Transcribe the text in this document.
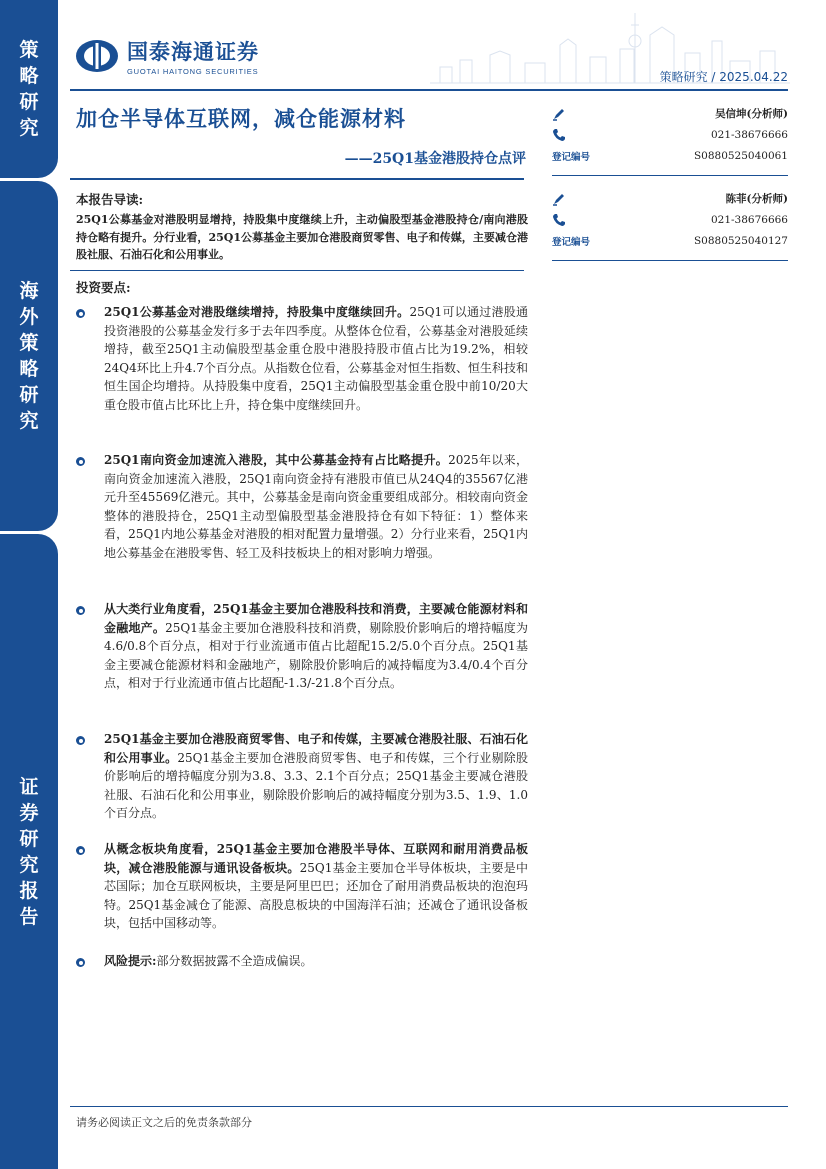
策
略
研
究
海
外
策
略
研
究
证
券
研
究
报
告
国泰海通证券
GUOTAI HAITONG SECURITIES	策略研究 / 2025.04.22
加仓半导体互联网，减仓能源材料
——25Q1基金港股持仓点评
吴信坤(分析师)
021-38676666
登记编号	S0880525040061
陈菲(分析师)
021-38676666
登记编号	S0880525040127
本报告导读:
25Q1公募基金对港股明显增持，持股集中度继续上升，主动偏股型基金港股持仓/南向港股持仓略有提升。分行业看，25Q1公募基金主要加仓港股商贸零售、电子和传媒，主要减仓港股社服、石油石化和公用事业。
投资要点:

25Q1公募基金对港股继续增持，持股集中度继续回升。25Q1可以通过港股通投资港股的公募基金发行多于去年四季度。从整体仓位看，公募基金对港股延续增持，截至25Q1主动偏股型基金重仓股中港股持股市值占比为19.2%，相较24Q4环比上升4.7个百分点。从指数仓位看，公募基金对恒生指数、恒生科技和恒生国企均增持。从持股集中度看，25Q1主动偏股型基金重仓股中前10/20大重仓股市值占比环比上升，持仓集中度继续回升。

25Q1南向资金加速流入港股，其中公募基金持有占比略提升。2025年以来，南向资金加速流入港股，25Q1南向资金持有港股市值已从24Q4的35567亿港元升至45569亿港元。其中，公募基金是南向资金重要组成部分。相较南向资金整体的港股持仓，25Q1主动型偏股型基金港股持仓有如下特征：1）整体来看，25Q1内地公募基金对港股的相对配置力量增强。2）分行业来看，25Q1内地公募基金在港股零售、轻工及科技板块上的相对影响力增强。

从大类行业角度看，25Q1基金主要加仓港股科技和消费，主要减仓能源材料和金融地产。25Q1基金主要加仓港股科技和消费，剔除股价影响后的增持幅度为4.6/0.8个百分点，相对于行业流通市值占比超配15.2/5.0个百分点。25Q1基金主要减仓能源材料和金融地产，剔除股价影响后的减持幅度为3.4/0.4个百分点，相对于行业流通市值占比超配-1.3/-21.8个百分点。

25Q1基金主要加仓港股商贸零售、电子和传媒，主要减仓港股社服、石油石化和公用事业。25Q1基金主要加仓港股商贸零售、电子和传媒，三个行业剔除股价影响后的增持幅度分别为3.8、3.3、2.1个百分点；25Q1基金主要减仓港股社服、石油石化和公用事业，剔除股价影响后的减持幅度分别为3.5、1.9、1.0个百分点。

从概念板块角度看，25Q1基金主要加仓港股半导体、互联网和耐用消费品板块，减仓港股能源与通讯设备板块。25Q1基金主要加仓半导体板块，主要是中芯国际；加仓互联网板块，主要是阿里巴巴；还加仓了耐用消费品板块的泡泡玛特。25Q1基金减仓了能源、高股息板块的中国海洋石油；还减仓了通讯设备板块，包括中国移动等。

风险提示:部分数据披露不全造成偏误。

请务必阅读正文之后的免责条款部分
